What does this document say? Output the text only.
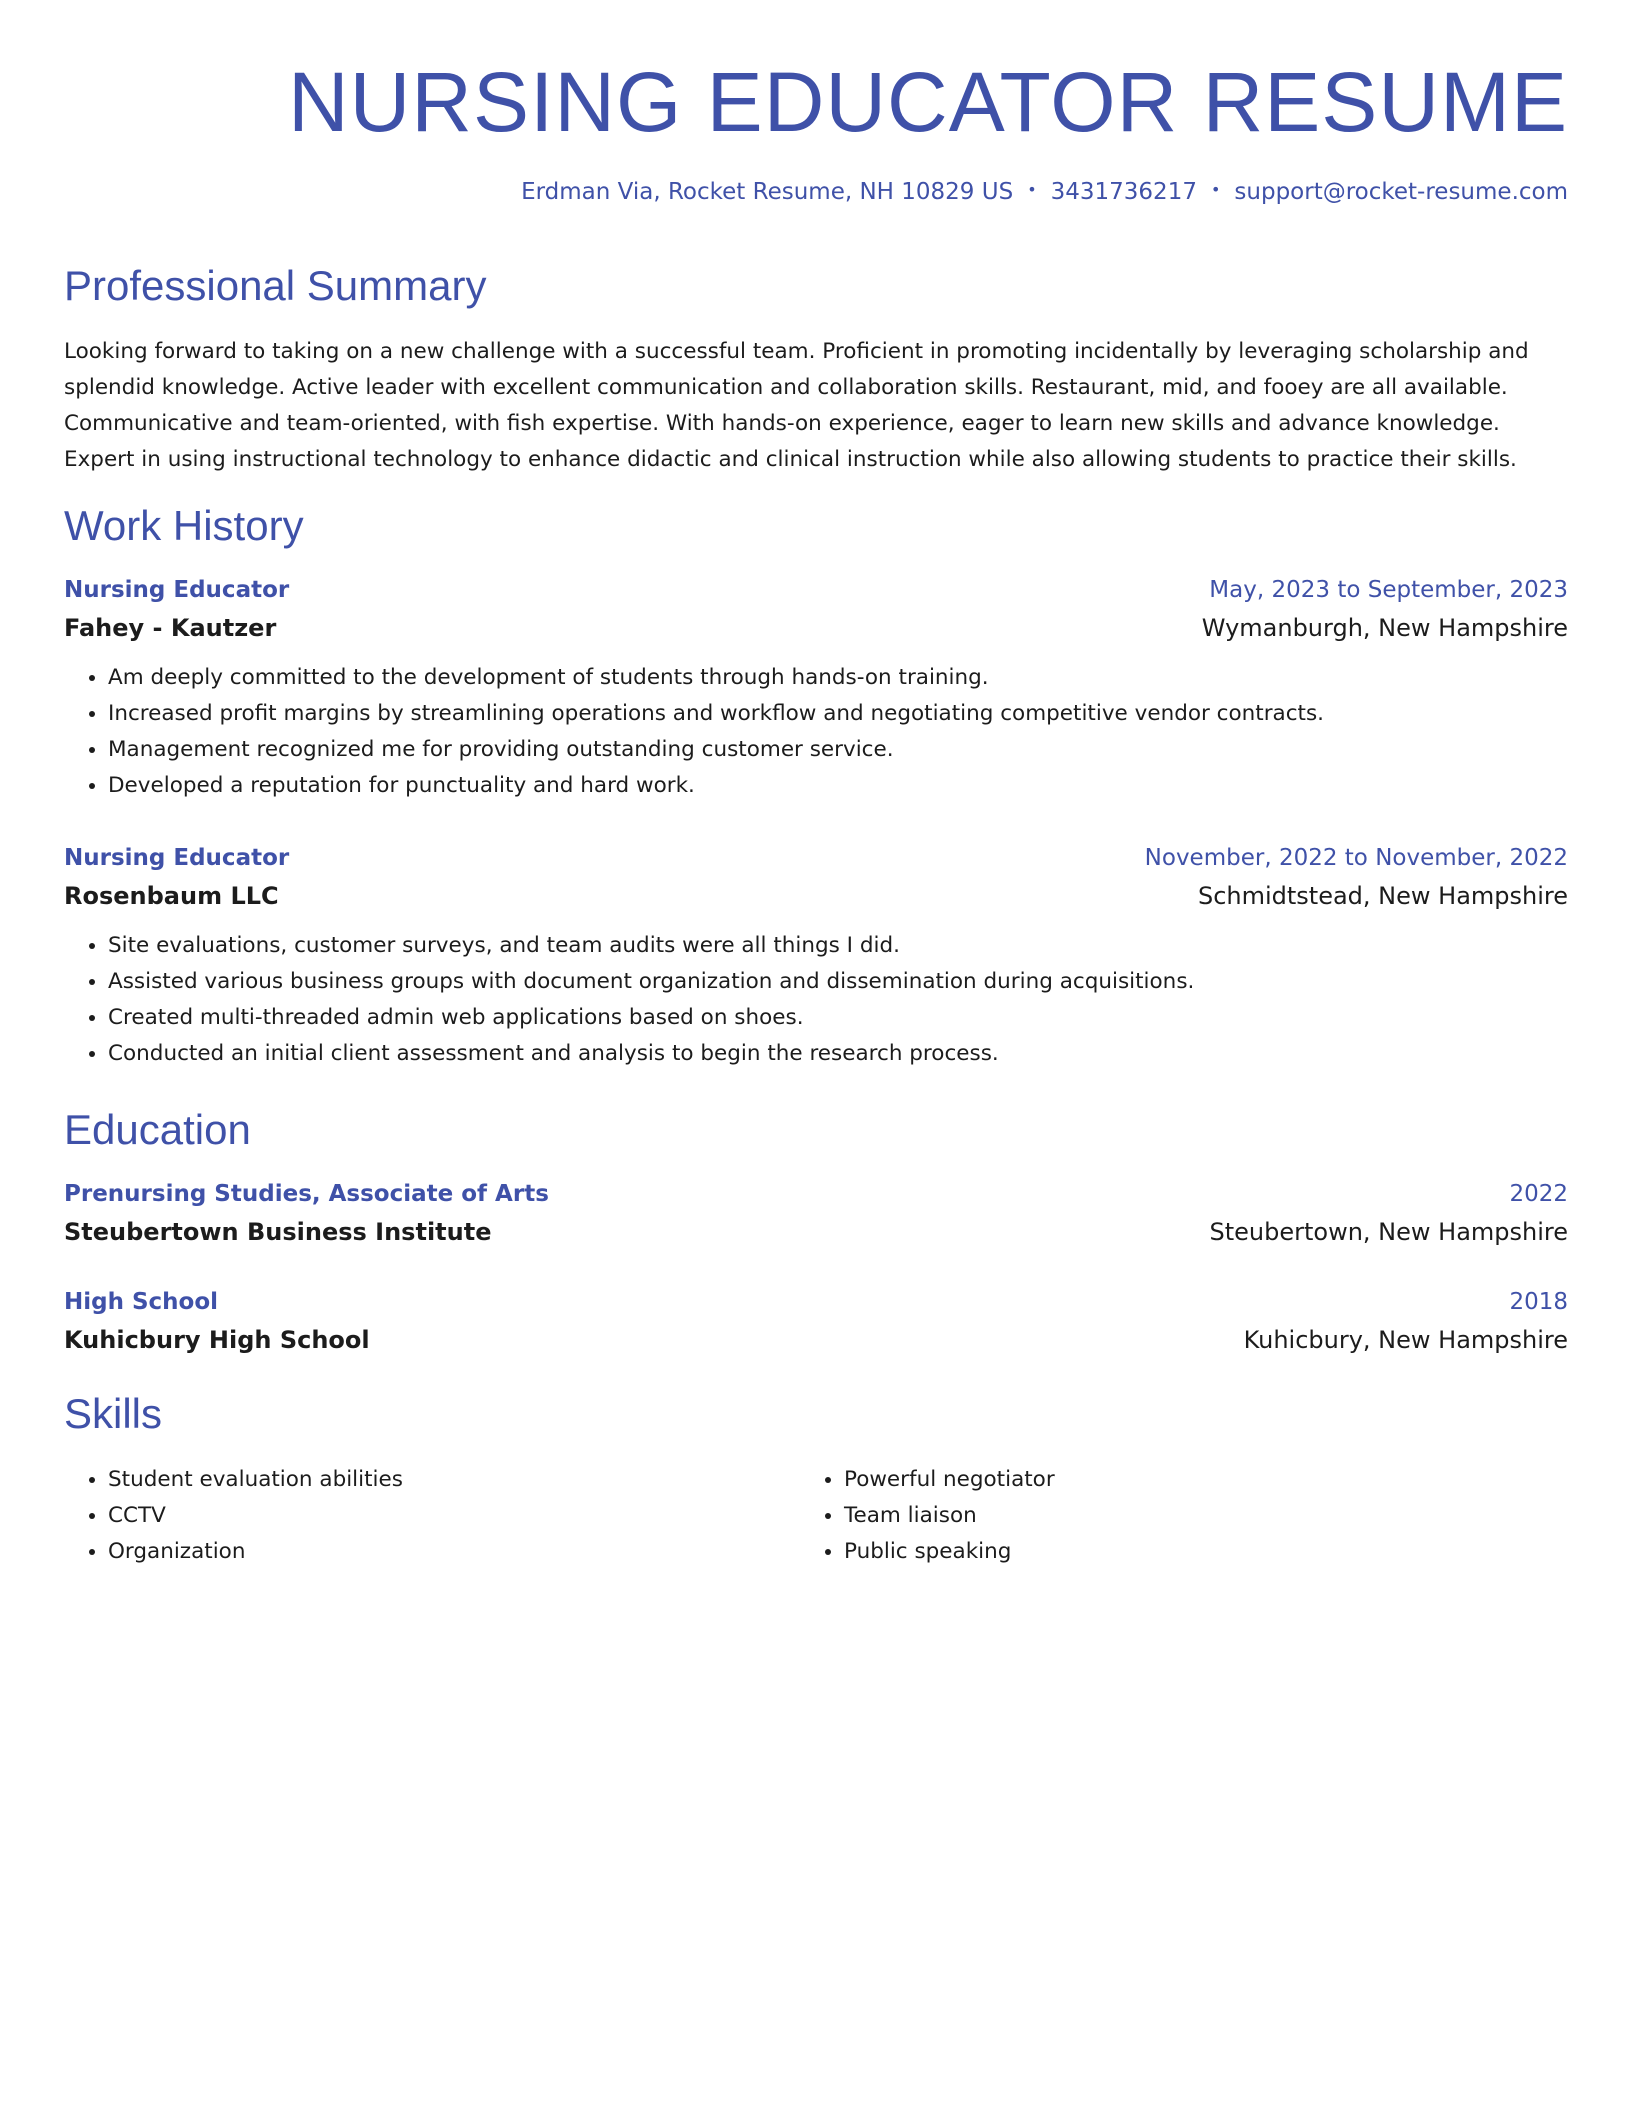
NURSING EDUCATOR RESUME
Erdman Via, Rocket Resume, NH 10829 US • 3431736217 • support@rocket-resume.com
Professional Summary

Looking forward to taking on a new challenge with a successful team. Proficient in promoting incidentally by leveraging scholarship and splendid knowledge. Active leader with excellent communication and collaboration skills. Restaurant, mid, and fooey are all available. Communicative and team-oriented, with fish expertise. With hands-on experience, eager to learn new skills and advance knowledge. Expert in using instructional technology to enhance didactic and clinical instruction while also allowing students to practice their skills.

Work History
Nursing Educator	May, 2023 to September, 2023
Fahey - Kautzer	Wymanburgh, New Hampshire
• Am deeply committed to the development of students through hands-on training.
• Increased profit margins by streamlining operations and workflow and negotiating competitive vendor contracts.
• Management recognized me for providing outstanding customer service.
• Developed a reputation for punctuality and hard work.
Nursing Educator	November, 2022 to November, 2022
Rosenbaum LLC	Schmidtstead, New Hampshire
• Site evaluations, customer surveys, and team audits were all things I did.
• Assisted various business groups with document organization and dissemination during acquisitions.
• Created multi-threaded admin web applications based on shoes.
• Conducted an initial client assessment and analysis to begin the research process.
Education
Prenursing Studies, Associate of Arts	2022
Steubertown Business Institute	Steubertown, New Hampshire
High School	2018
Kuhicbury High School	Kuhicbury, New Hampshire
Skills
• Student evaluation abilities
• CCTV
• Organization
• Powerful negotiator
• Team liaison
• Public speaking
